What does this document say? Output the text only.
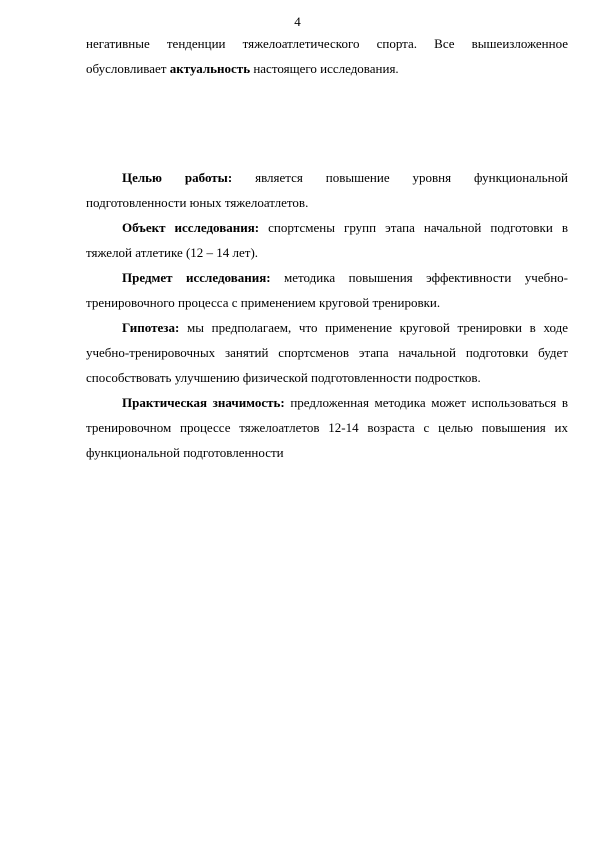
4

негативные тенденции тяжелоатлетического спорта. Все вышеизложенное обусловливает актуальность настоящего исследования.

Целью работы: является повышение уровня функциональной подготовленности юных тяжелоатлетов.

Объект исследования: спортсмены групп этапа начальной подготовки в тяжелой атлетике (12 – 14 лет).

Предмет исследования: методика повышения эффективности учебно-тренировочного процесса с применением круговой тренировки.

Гипотеза: мы предполагаем, что применение круговой тренировки в ходе учебно-тренировочных занятий спортсменов этапа начальной подготовки будет способствовать улучшению физической подготовленности подростков.

Практическая значимость: предложенная методика может использоваться в тренировочном процессе тяжелоатлетов 12-14 возраста с целью повышения их функциональной подготовленности
